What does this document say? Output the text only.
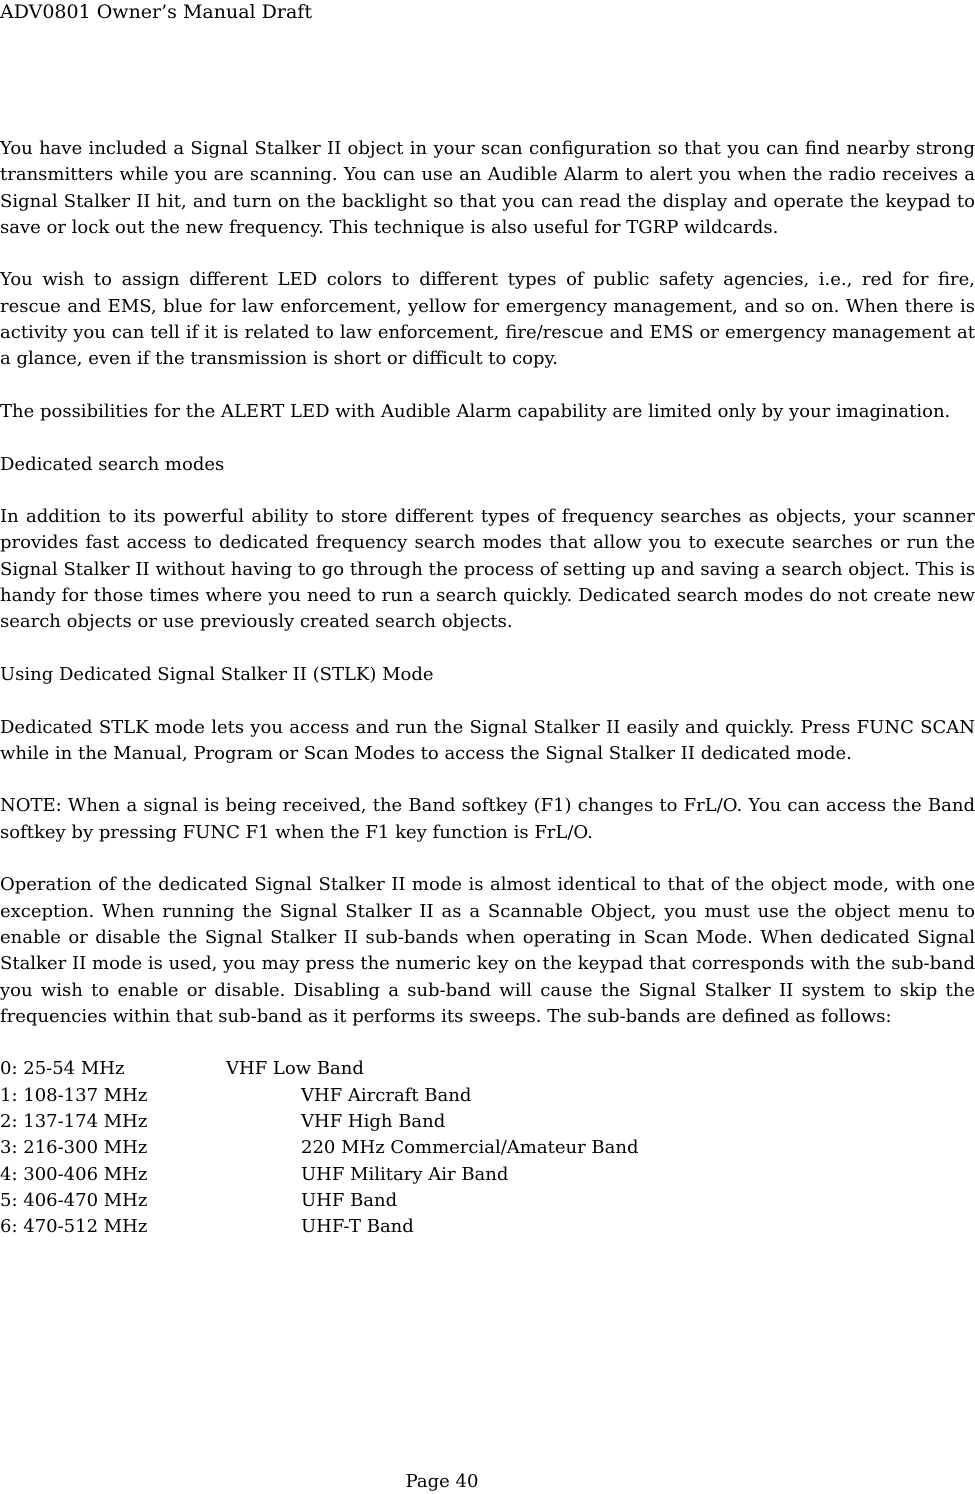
ADV0801 Owner’s Manual Draft

You have included a Signal Stalker II object in your scan configuration so that you can find nearby strong transmitters while you are scanning. You can use an Audible Alarm to alert you when the radio receives a Signal Stalker II hit, and turn on the backlight so that you can read the display and operate the keypad to save or lock out the new frequency. This technique is also useful for TGRP wildcards.

You wish to assign different LED colors to different types of public safety agencies, i.e., red for fire, rescue and EMS, blue for law enforcement, yellow for emergency management, and so on. When there is activity you can tell if it is related to law enforcement, fire/rescue and EMS or emergency management at a glance, even if the transmission is short or difficult to copy.

The possibilities for the ALERT LED with Audible Alarm capability are limited only by your imagination.

Dedicated search modes

In addition to its powerful ability to store different types of frequency searches as objects, your scanner provides fast access to dedicated frequency search modes that allow you to execute searches or run the Signal Stalker II without having to go through the process of setting up and saving a search object. This is handy for those times where you need to run a search quickly. Dedicated search modes do not create new search objects or use previously created search objects.

Using Dedicated Signal Stalker II (STLK) Mode

Dedicated STLK mode lets you access and run the Signal Stalker II easily and quickly. Press FUNC SCAN while in the Manual, Program or Scan Modes to access the Signal Stalker II dedicated mode.

NOTE: When a signal is being received, the Band softkey (F1) changes to FrL/O. You can access the Band softkey by pressing FUNC F1 when the F1 key function is FrL/O.

Operation of the dedicated Signal Stalker II mode is almost identical to that of the object mode, with one exception. When running the Signal Stalker II as a Scannable Object, you must use the object menu to enable or disable the Signal Stalker II sub-bands when operating in Scan Mode. When dedicated Signal Stalker II mode is used, you may press the numeric key on the keypad that corresponds with the sub-band you wish to enable or disable. Disabling a sub-band will cause the Signal Stalker II system to skip the frequencies within that sub-band as it performs its sweeps. The sub-bands are defined as follows:

0: 25-54 MHz	VHF Low Band
1: 108-137 MHz	VHF Aircraft Band
2: 137-174 MHz	VHF High Band
3: 216-300 MHz	220 MHz Commercial/Amateur Band
4: 300-406 MHz	UHF Military Air Band
5: 406-470 MHz	UHF Band
6: 470-512 MHz	UHF-T Band
Page 40
